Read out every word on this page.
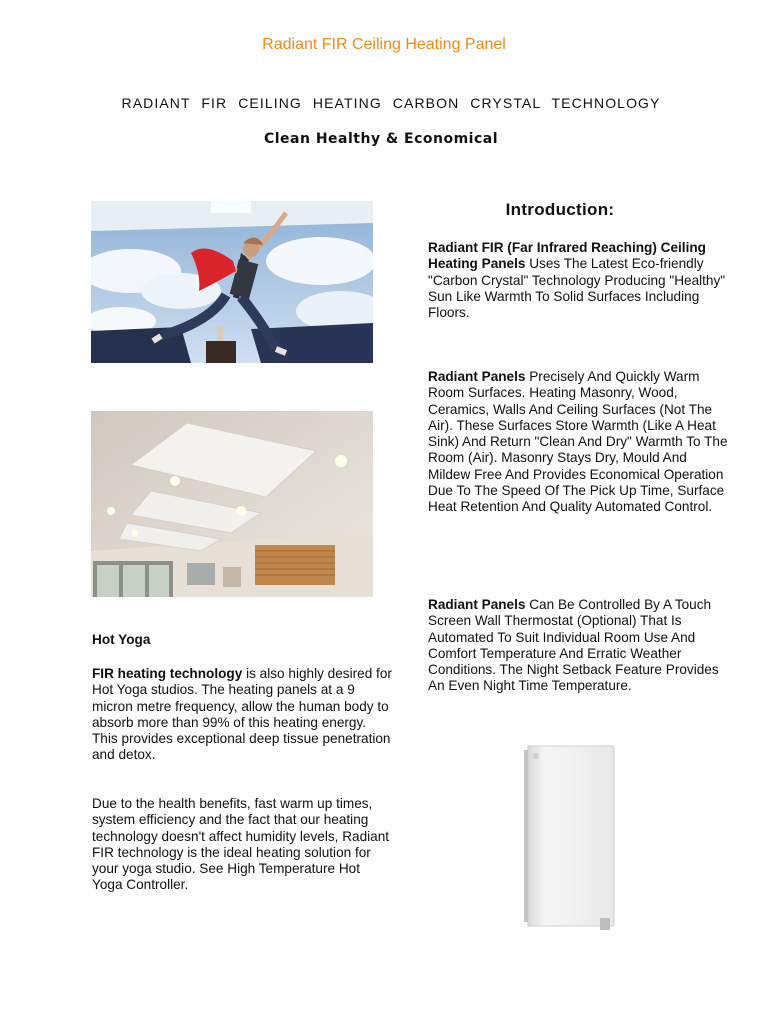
Radiant FIR Ceiling Heating Panel
RADIANT FIR CEILING HEATING CARBON CRYSTAL TECHNOLOGY
Clean Healthy & Economical
Introduction:
Radiant FIR (Far Infrared Reaching) Ceiling Heating Panels Uses The Latest Eco-friendly "Carbon Crystal" Technology Producing "Healthy" Sun Like Warmth To Solid Surfaces Including Floors.
Radiant Panels Precisely And Quickly Warm Room Surfaces. Heating Masonry, Wood, Ceramics, Walls And Ceiling Surfaces (Not The Air). These Surfaces Store Warmth (Like A Heat Sink) And Return "Clean And Dry" Warmth To The Room (Air). Masonry Stays Dry, Mould And Mildew Free And Provides Economical Operation Due To The Speed Of The Pick Up Time, Surface Heat Retention And Quality Automated Control.
Radiant Panels Can Be Controlled By A Touch Screen Wall Thermostat (Optional) That Is Automated To Suit Individual Room Use And Comfort Temperature And Erratic Weather Conditions. The Night Setback Feature Provides An Even Night Time Temperature.
Hot Yoga
FIR heating technology is also highly desired for Hot Yoga studios. The heating panels at a 9 micron metre frequency, allow the human body to absorb more than 99% of this heating energy. This provides exceptional deep tissue penetration and detox.
Due to the health benefits, fast warm up times, system efficiency and the fact that our heating technology doesn't affect humidity levels, Radiant FIR technology is the ideal heating solution for your yoga studio. See High Temperature Hot Yoga Controller.
